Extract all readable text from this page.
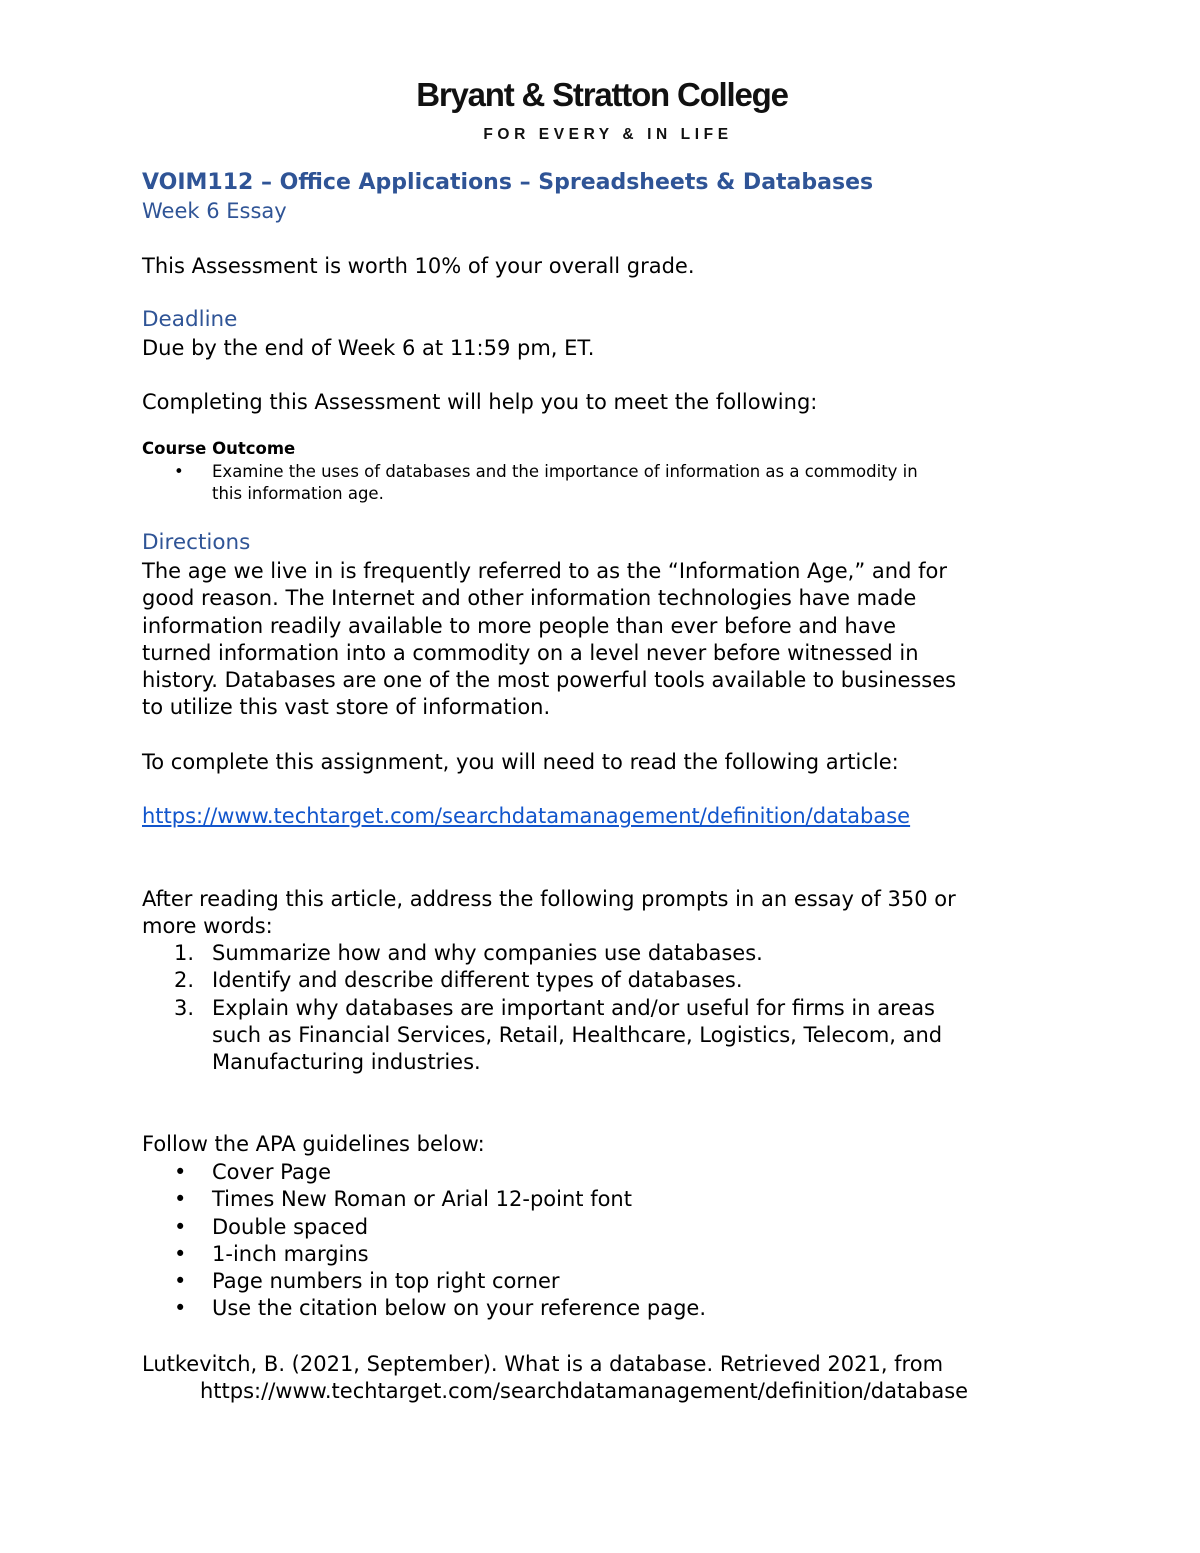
Bryant & Stratton College
FOR EVERY & IN LIFE
VOIM112 – Office Applications – Spreadsheets & Databases
Week 6 Essay
This Assessment is worth 10% of your overall grade.
Deadline
Due by the end of Week 6 at 11:59 pm, ET.
Completing this Assessment will help you to meet the following:
Course Outcome
• Examine the uses of databases and the importance of information as a commodity in
this information age.
Directions
The age we live in is frequently referred to as the “Information Age,” and for
good reason. The Internet and other information technologies have made
information readily available to more people than ever before and have
turned information into a commodity on a level never before witnessed in
history. Databases are one of the most powerful tools available to businesses
to utilize this vast store of information.
To complete this assignment, you will need to read the following article:
https://www.techtarget.com/searchdatamanagement/definition/database
After reading this article, address the following prompts in an essay of 350 or
more words:
1. Summarize how and why companies use databases.
2. Identify and describe different types of databases.
3. Explain why databases are important and/or useful for firms in areas
such as Financial Services, Retail, Healthcare, Logistics, Telecom, and
Manufacturing industries.
Follow the APA guidelines below:
• Cover Page
• Times New Roman or Arial 12-point font
• Double spaced
• 1-inch margins
• Page numbers in top right corner
• Use the citation below on your reference page.
Lutkevitch, B. (2021, September). What is a database. Retrieved 2021, from
https://www.techtarget.com/searchdatamanagement/definition/database
